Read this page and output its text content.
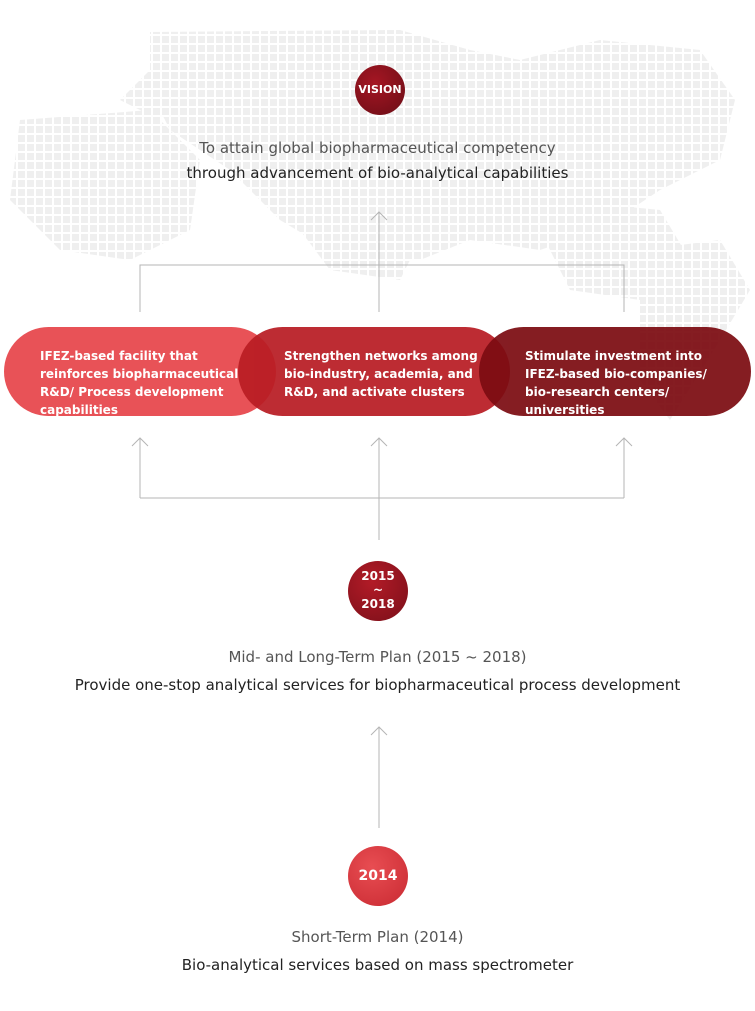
VISION
To attain global biopharmaceutical competency
through advancement of bio-analytical capabilities
IFEZ-based facility that reinforces biopharmaceutical R&D/ Process development capabilities
Strengthen networks among bio-industry, academia, and R&D, and activate clusters
Stimulate investment into IFEZ-based bio-companies/ bio-research centers/ universities
2015 ~ 2018
Mid- and Long-Term Plan (2015 ~ 2018)
Provide one-stop analytical services for biopharmaceutical process development
2014
Short-Term Plan (2014)
Bio-analytical services based on mass spectrometer
